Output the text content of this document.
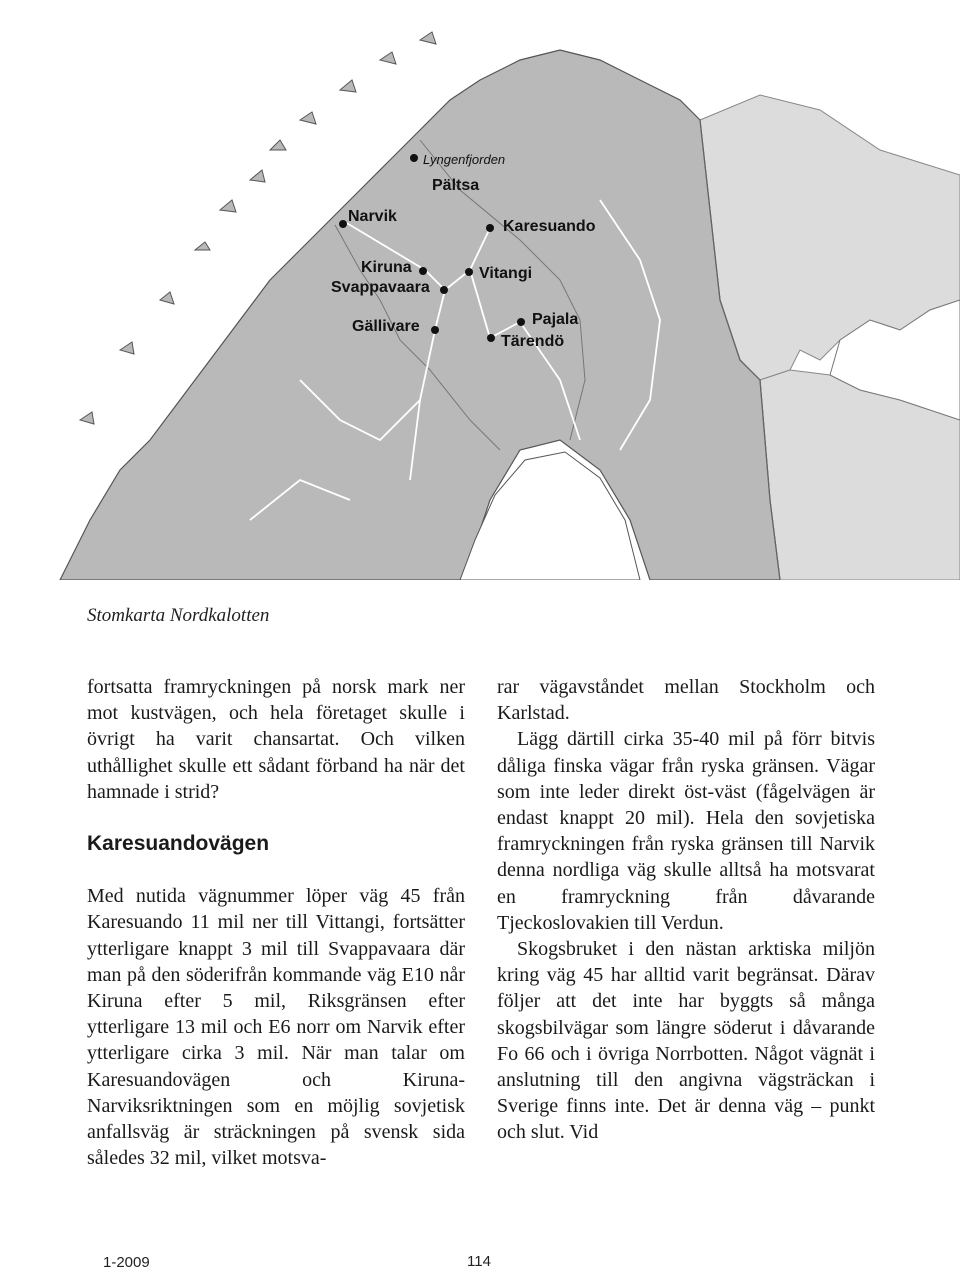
Lyngenfjorden
Pältsa
Narvik
Karesuando
Kiruna
Svappavaara
Vitangi
Gällivare	Pajala
Tärendö
Stomkarta Nordkalotten

fortsatta framryckningen på norsk mark ner mot kustvägen, och hela företaget skulle i övrigt ha varit chansartat. Och vilken uthållighet skulle ett sådant förband ha när det hamnade i strid?

Karesuandovägen

Med nutida vägnummer löper väg 45 från Karesuando 11 mil ner till Vittangi, fortsätter ytterligare knappt 3 mil till Svappavaara där man på den söderifrån kommande väg E10 når Kiruna efter 5 mil, Riksgränsen efter ytterligare 13 mil och E6 norr om Narvik efter ytterligare cirka 3 mil. När man talar om Karesuandovägen och Kiruna-Narviksriktningen som en möjlig sovjetisk anfallsväg är sträckningen på svensk sida således 32 mil, vilket motsva-

rar vägavståndet mellan Stockholm och Karlstad.

Lägg därtill cirka 35-40 mil på förr bitvis dåliga finska vägar från ryska gränsen. Vägar som inte leder direkt öst-väst (fågelvägen är endast knappt 20 mil). Hela den sovjetiska framryckningen från ryska gränsen till Narvik denna nordliga väg skulle alltså ha motsvarat en framryckning från dåvarande Tjeckoslovakien till Verdun.

Skogsbruket i den nästan arktiska miljön kring väg 45 har alltid varit begränsat. Därav följer att det inte har byggts så många skogsbilvägar som längre söderut i dåvarande Fo 66 och i övriga Norrbotten. Något vägnät i anslutning till den angivna vägsträckan i Sverige finns inte. Det är denna väg – punkt och slut. Vid

1-2009	114
